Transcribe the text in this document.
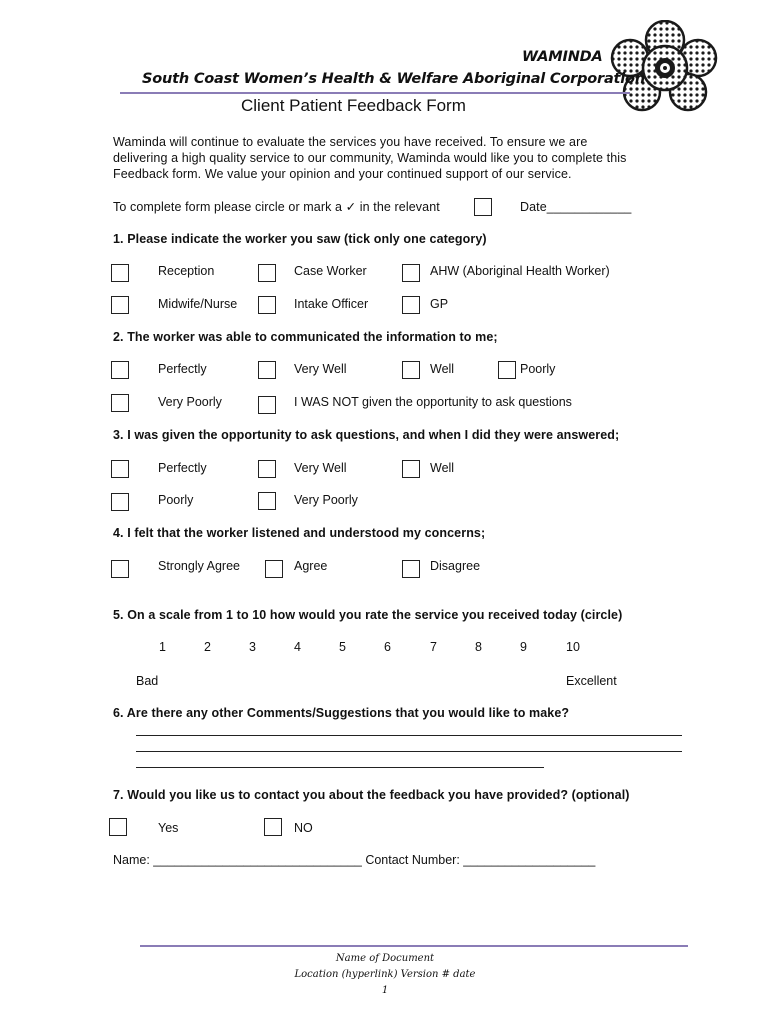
WAMINDA
South Coast Women’s Health & Welfare Aboriginal Corporation
Client Patient Feedback Form
Waminda will continue to evaluate the services you have received. To ensure we are
delivering a high quality service to our community, Waminda would like you to complete this
Feedback form. We value your opinion and your continued support of our service.
To complete form please circle or mark a ✓ in the relevant	Date____________
1. Please indicate the worker you saw (tick only one category)
Reception	Case Worker	AHW (Aboriginal Health Worker)
Midwife/Nurse	Intake Officer	GP
2. The worker was able to communicated the information to me;
Perfectly	Very Well	Well	Poorly
Very Poorly	I WAS NOT given the opportunity to ask questions
3. I was given the opportunity to ask questions, and when I did they were answered;
Perfectly	Very Well	Well
Poorly	Very Poorly
4. I felt that the worker listened and understood my concerns;
Strongly Agree	Agree	Disagree
5. On a scale from 1 to 10 how would you rate the service you received today (circle)
1	2	3	4	5	6	7	8	9	10
Bad	Excellent
6. Are there any other Comments/Suggestions that you would like to make?
7. Would you like us to contact you about the feedback you have provided? (optional)
Yes	NO
Name: ______________________________ Contact Number: ___________________
Name of Document
Location (hyperlink) Version # date
1
